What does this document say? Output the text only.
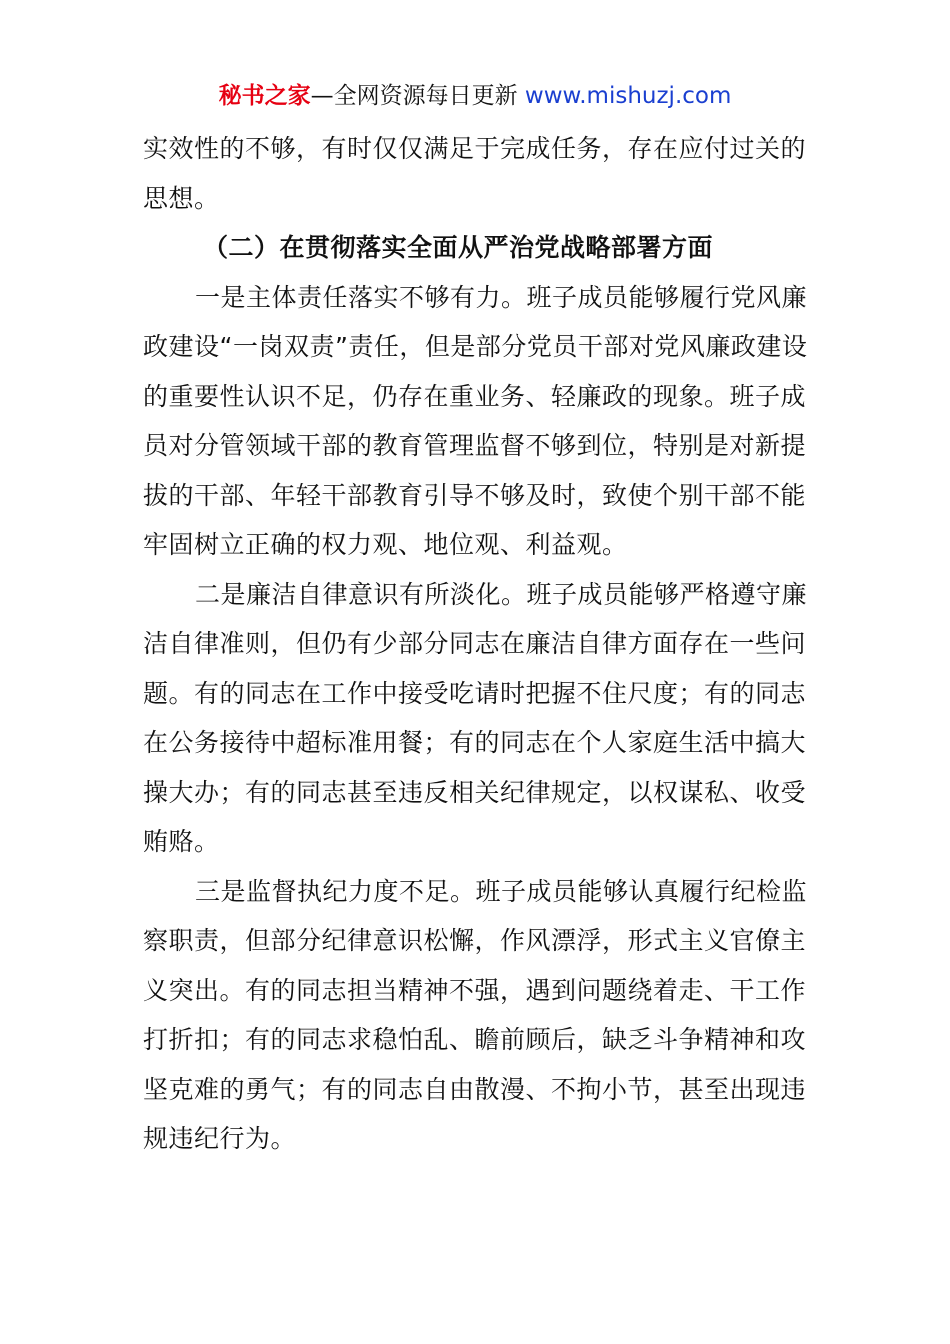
秘书之家—全网资源每日更新 www.mishuzj.com

实效性的不够，有时仅仅满足于完成任务，存在应付过关的思想。

（二）在贯彻落实全面从严治党战略部署方面

一是主体责任落实不够有力。班子成员能够履行党风廉政建设“一岗双责”责任，但是部分党员干部对党风廉政建设的重要性认识不足，仍存在重业务、轻廉政的现象。班子成员对分管领域干部的教育管理监督不够到位，特别是对新提拔的干部、年轻干部教育引导不够及时，致使个别干部不能牢固树立正确的权力观、地位观、利益观。

二是廉洁自律意识有所淡化。班子成员能够严格遵守廉洁自律准则，但仍有少部分同志在廉洁自律方面存在一些问题。有的同志在工作中接受吃请时把握不住尺度；有的同志在公务接待中超标准用餐；有的同志在个人家庭生活中搞大操大办；有的同志甚至违反相关纪律规定，以权谋私、收受贿赂。

三是监督执纪力度不足。班子成员能够认真履行纪检监察职责，但部分纪律意识松懈，作风漂浮，形式主义官僚主义突出。有的同志担当精神不强，遇到问题绕着走、干工作打折扣；有的同志求稳怕乱、瞻前顾后，缺乏斗争精神和攻坚克难的勇气；有的同志自由散漫、不拘小节，甚至出现违规违纪行为。
